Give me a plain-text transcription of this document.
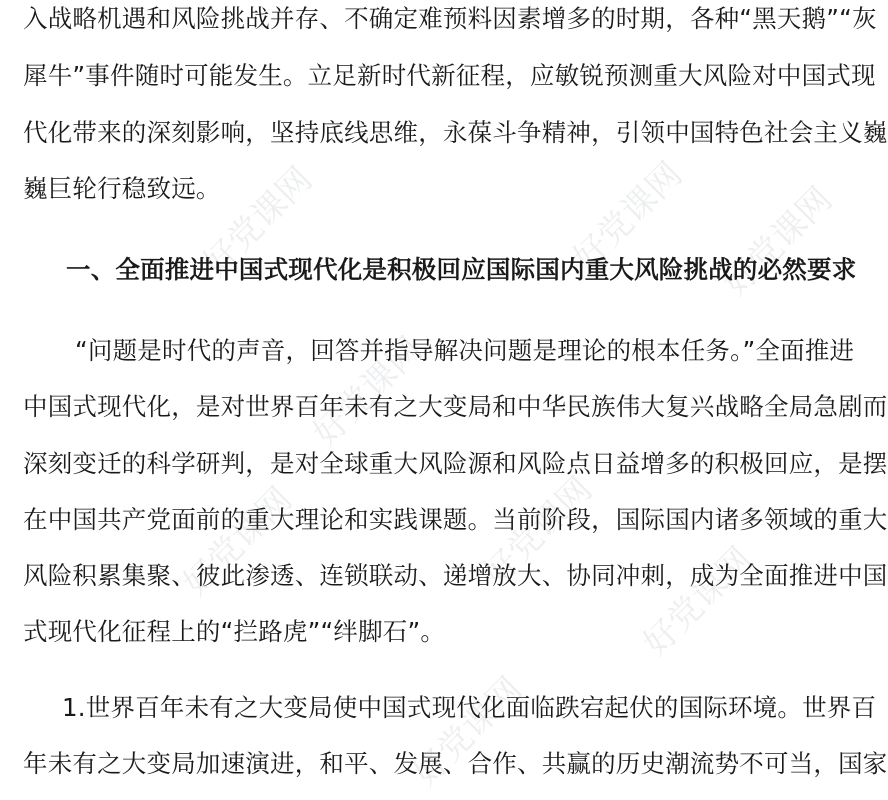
好党课网
好党课网	好党课网
好党课网
好党课网
好党课网	好党课网
好党课网
入战略机遇和风险挑战并存、不确定难预料因素增多的时期，各种“黑天鹅”“灰
犀牛”事件随时可能发生。立足新时代新征程，应敏锐预测重大风险对中国式现
代化带来的深刻影响，坚持底线思维，永葆斗争精神，引领中国特色社会主义巍
巍巨轮行稳致远。
一、全面推进中国式现代化是积极回应国际国内重大风险挑战的必然要求
“问题是时代的声音，回答并指导解决问题是理论的根本任务。”全面推进
中国式现代化，是对世界百年未有之大变局和中华民族伟大复兴战略全局急剧而
深刻变迁的科学研判，是对全球重大风险源和风险点日益增多的积极回应，是摆
在中国共产党面前的重大理论和实践课题。当前阶段，国际国内诸多领域的重大
风险积累集聚、彼此渗透、连锁联动、递增放大、协同冲刺，成为全面推进中国
式现代化征程上的“拦路虎”“绊脚石”。
1.世界百年未有之大变局使中国式现代化面临跌宕起伏的国际环境。世界百
年未有之大变局加速演进，和平、发展、合作、共赢的历史潮流势不可当，国家
